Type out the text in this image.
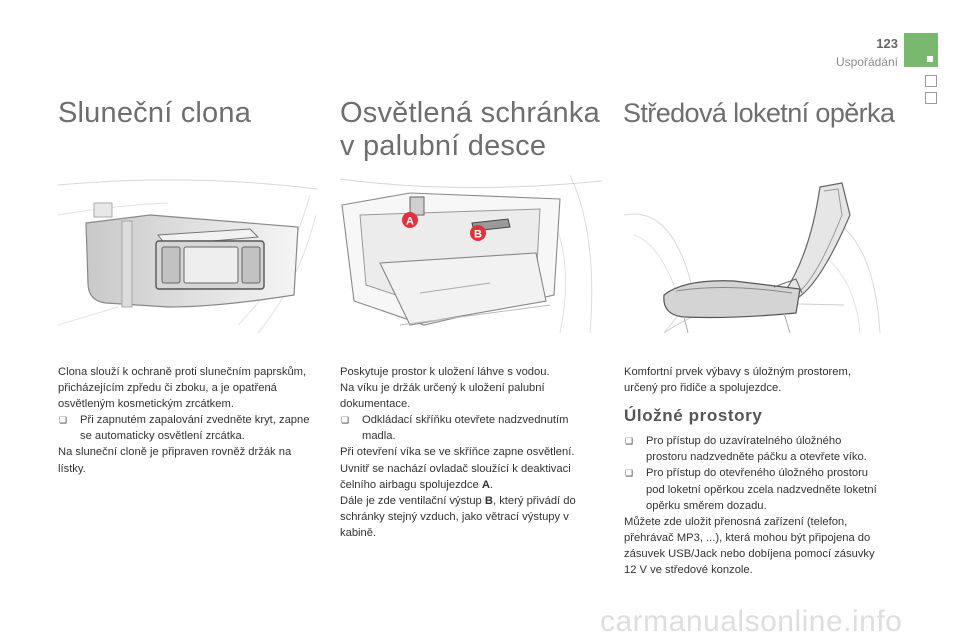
123
Uspořádání
Sluneční clona	Osvětlená schránka
v palubní desce
Středová loketní opěrka
A
B

Clona slouží k ochraně proti slunečním paprskům, přicházejícím zpředu či zboku, a je opatřená osvětleným kosmetickým zrcátkem.

❏ Při zapnutém zapalování zvedněte kryt, zapne se automaticky osvětlení zrcátka.

Na sluneční cloně je připraven rovněž držák na lístky.

Poskytuje prostor k uložení láhve s vodou.

Na víku je držák určený k uložení palubní dokumentace.

❏ Odkládací skříňku otevřete nadzvednutím madla.

Při otevření víka se ve skříňce zapne osvětlení.

Uvnitř se nachází ovladač sloužící k deaktivaci čelního airbagu spolujezdce A.

Dále je zde ventilační výstup B, který přivádí do schránky stejný vzduch, jako větrací výstupy v kabině.

Komfortní prvek výbavy s úložným prostorem, určený pro řidiče a spolujezdce.

Úložné prostory

❏ Pro přístup do uzavíratelného úložného prostoru nadzvedněte páčku a otevřete víko.

❏ Pro přístup do otevřeného úložného prostoru pod loketní opěrkou zcela nadzvedněte loketní opěrku směrem dozadu.

Můžete zde uložit přenosná zařízení (telefon, přehrávač MP3, ...), která mohou být připojena do zásuvek USB/Jack nebo dobíjena pomocí zásuvky 12 V ve středové konzole.

carmanualsonline.info
